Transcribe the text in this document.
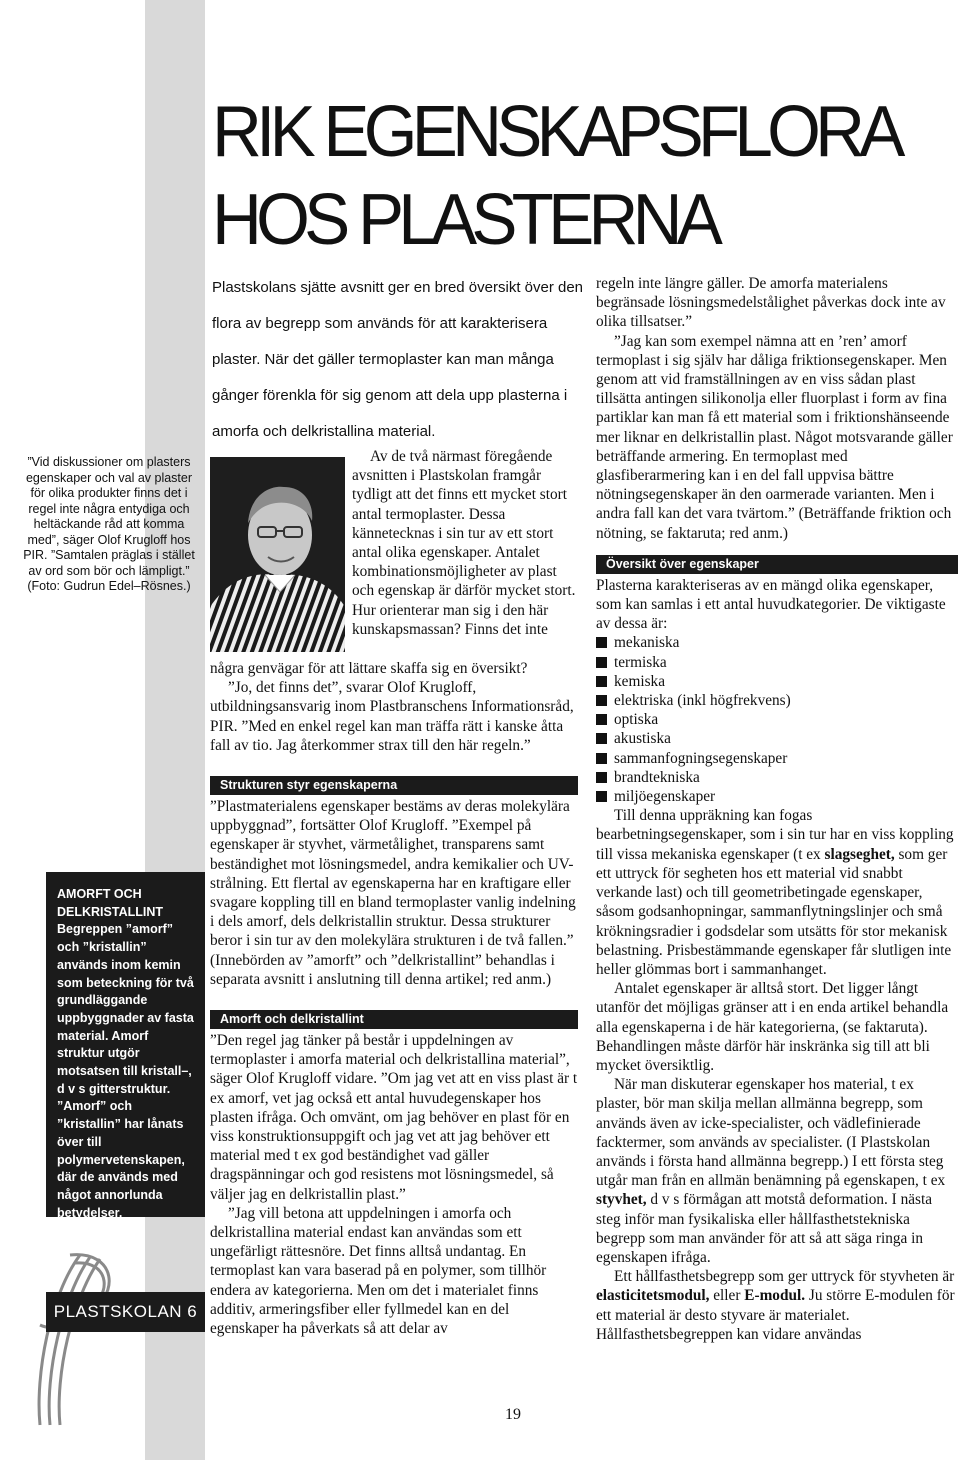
”Vid diskussioner om plasters egenskaper och val av plaster för olika produkter finns det i regel inte några entydiga och heltäckande råd att komma med”, säger Olof Krugloff hos PIR. ”Samtalen präglas i stället av ord som bör och lämpligt.” (Foto: Gudrun Edel–Rösnes.)

AMORFT OCH
DELKRISTALLINT

Begreppen ”amorf” och ”kristallin” används inom kemin som beteckning för två grundläggande uppbyggnader av fasta material. Amorf struktur utgör motsatsen till kristall–, d v s gitterstruktur. ”Amorf” och ”kristallin” har lånats över till polymervetenskapen, där de används med något annorlunda betydelser.

PLASTSKOLAN 6
RIK EGENSKAPSFLORA
HOS PLASTERNA

Plastskolans sjätte avsnitt ger en bred översikt över den flora av begrepp som används för att karakterisera plaster. När det gäller termoplaster kan man många gånger förenkla för sig genom att dela upp plasterna i amorfa och delkristallina material.

Av de två närmast föregående avsnitten i Plastskolan framgår tydligt att det finns ett mycket stort antal termoplaster. Dessa kännetecknas i sin tur av ett stort antal olika egenskaper. Antalet kombinationsmöjligheter av plast och egenskap är därför mycket stort. Hur orienterar man sig i den här kunskapsmassan? Finns det inte

några genvägar för att lättare skaffa sig en översikt?

”Jo, det finns det”, svarar Olof Krugloff, utbildningsansvarig inom Plastbranschens Informationsråd, PIR. ”Med en enkel regel kan man träffa rätt i kanske åtta fall av tio. Jag återkommer strax till den här regeln.”

Strukturen styr egenskaperna

”Plastmaterialens egenskaper bestäms av deras molekylära uppbyggnad”, fortsätter Olof Krugloff. ”Exempel på egenskaper är styvhet, värmetålighet, transparens samt beständighet mot lösningsmedel, andra kemikalier och UV-strålning. Ett flertal av egenskaperna har en kraftigare eller svagare koppling till en bland termoplaster vanlig indelning i dels amorf, dels delkristallin struktur. Dessa strukturer beror i sin tur av den molekylära strukturen i de två fallen.” (Innebörden av ”amorft” och ”delkristallint” behandlas i separata avsnitt i anslutning till denna artikel; red anm.)

Amorft och delkristallint

”Den regel jag tänker på består i uppdelningen av termoplaster i amorfa material och delkristallina material”, säger Olof Krugloff vidare. ”Om jag vet att en viss plast är t ex amorf, vet jag också ett antal huvudegenskaper hos plasten ifråga. Och omvänt, om jag behöver en plast för en viss konstruktionsuppgift och jag vet att jag behöver ett material med t ex god beständighet vad gäller dragspänningar och god resistens mot lösningsmedel, så väljer jag en delkristallin plast.”

”Jag vill betona att uppdelningen i amorfa och delkristallina material endast kan användas som ett ungefärligt rättesnöre. Det finns alltså undantag. En termoplast kan vara baserad på en polymer, som tillhör endera av kategorierna. Men om det i materialet finns additiv, armeringsfiber eller fyllmedel kan en del egenskaper ha påverkats så att delar av

regeln inte längre gäller. De amorfa materialens begränsade lösningsmedelstålighet påverkas dock inte av olika tillsatser.”

”Jag kan som exempel nämna att en ’ren’ amorf termoplast i sig själv har dåliga friktionsegenskaper. Men genom att vid framställningen av en viss sådan plast tillsätta antingen silikonolja eller fluorplast i form av fina partiklar kan man få ett material som i friktionshänseende mer liknar en delkristallin plast. Något motsvarande gäller beträffande armering. En termoplast med glasfiberarmering kan i en del fall uppvisa bättre nötningsegenskaper än den oarmerade varianten. Men i andra fall kan det vara tvärtom.” (Beträffande friktion och nötning, se faktaruta; red anm.)

Översikt över egenskaper

Plasterna karakteriseras av en mängd olika egenskaper, som kan samlas i ett antal huvudkategorier. De viktigaste av dessa är:

mekaniska
termiska
kemiska
elektriska (inkl högfrekvens)
optiska
akustiska
sammanfogningsegenskaper
brandtekniska
miljöegenskaper

Till denna uppräkning kan fogas bearbetningsegenskaper, som i sin tur har en viss koppling till vissa mekaniska egenskaper (t ex slagseghet, som ger ett uttryck för segheten hos ett material vid snabbt verkande last) och till geometribetingade egenskaper, såsom godsanhopningar, sammanflytningslinjer och små krökningsradier i godsdelar som utsätts för stor mekanisk belastning. Prisbestämmande egenskaper får slutligen inte heller glömmas bort i sammanhanget.

Antalet egenskaper är alltså stort. Det ligger långt utanför det möjligas gränser att i en enda artikel behandla alla egenskaperna i de här kategorierna, (se faktaruta). Behandlingen måste därför här inskränka sig till att bli mycket översiktlig.

När man diskuterar egenskaper hos material, t ex plaster, bör man skilja mellan allmänna begrepp, som används även av icke-specialister, och vädlefinierade facktermer, som används av specialister. (I Plastskolan används i första hand allmänna begrepp.) I ett första steg utgår man från en allmän benämning på egenskapen, t ex styvhet, d v s förmågan att motstå deformation. I nästa steg inför man fysikaliska eller hållfasthetstekniska begrepp som man använder för att så att säga ringa in egenskapen ifråga.

Ett hållfasthetsbegrepp som ger uttryck för styvheten är elasticitetsmodul, eller E-modul. Ju större E-modulen för ett material är desto styvare är materialet. Hållfasthetsbegreppen kan vidare användas

19
